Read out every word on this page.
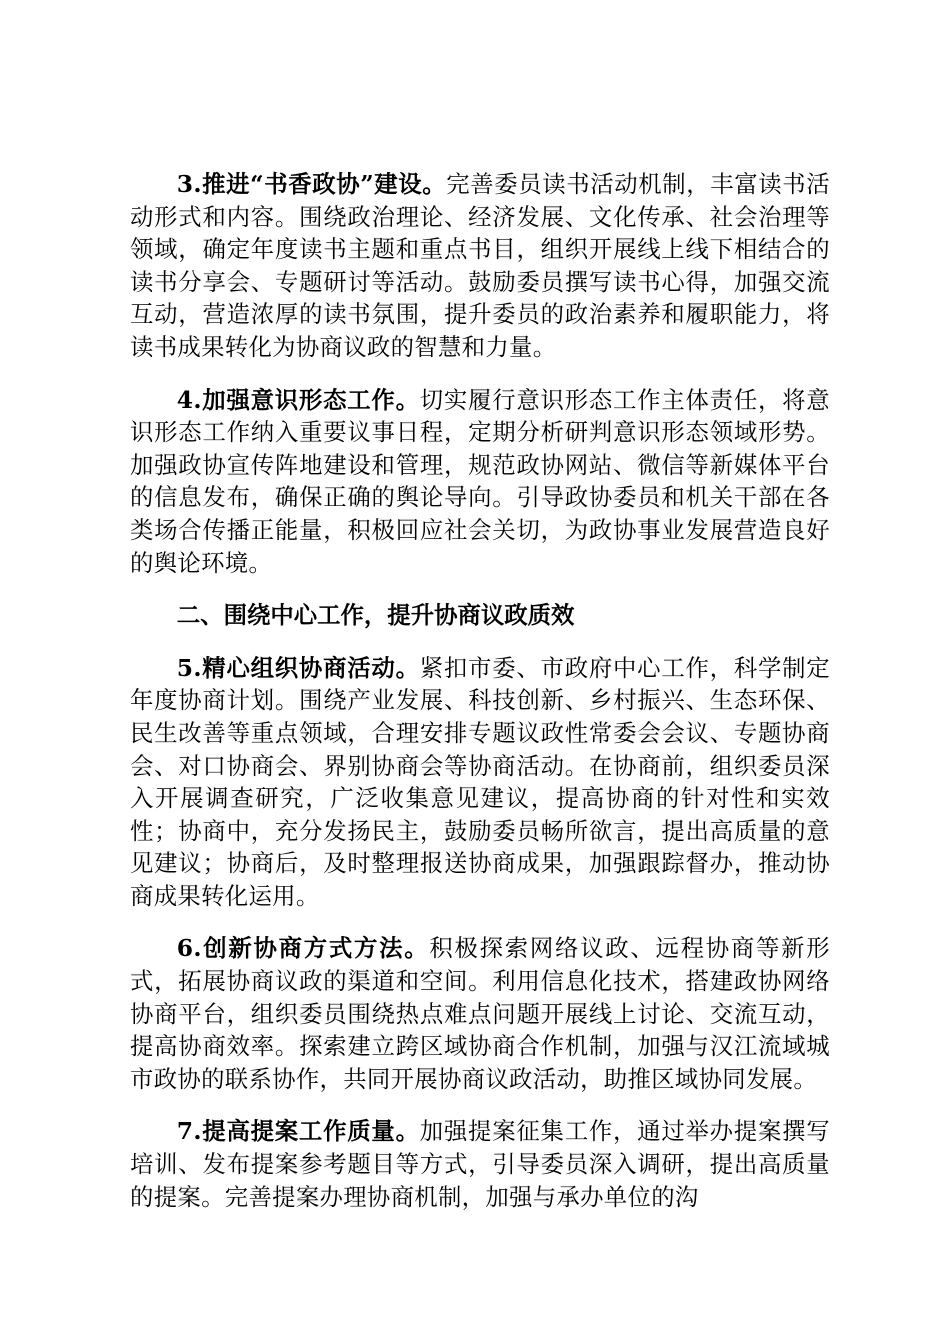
3.推进“书香政协”建设。完善委员读书活动机制，丰富读书活动形式和内容。围绕政治理论、经济发展、文化传承、社会治理等领域，确定年度读书主题和重点书目，组织开展线上线下相结合的读书分享会、专题研讨等活动。鼓励委员撰写读书心得，加强交流互动，营造浓厚的读书氛围，提升委员的政治素养和履职能力，将读书成果转化为协商议政的智慧和力量。

4.加强意识形态工作。切实履行意识形态工作主体责任，将意识形态工作纳入重要议事日程，定期分析研判意识形态领域形势。加强政协宣传阵地建设和管理，规范政协网站、微信等新媒体平台的信息发布，确保正确的舆论导向。引导政协委员和机关干部在各类场合传播正能量，积极回应社会关切，为政协事业发展营造良好的舆论环境。

二、围绕中心工作，提升协商议政质效

5.精心组织协商活动。紧扣市委、市政府中心工作，科学制定年度协商计划。围绕产业发展、科技创新、乡村振兴、生态环保、民生改善等重点领域，合理安排专题议政性常委会会议、专题协商会、对口协商会、界别协商会等协商活动。在协商前，组织委员深入开展调查研究，广泛收集意见建议，提高协商的针对性和实效性；协商中，充分发扬民主，鼓励委员畅所欲言，提出高质量的意见建议；协商后，及时整理报送协商成果，加强跟踪督办，推动协商成果转化运用。

6.创新协商方式方法。积极探索网络议政、远程协商等新形式，拓展协商议政的渠道和空间。利用信息化技术，搭建政协网络协商平台，组织委员围绕热点难点问题开展线上讨论、交流互动，提高协商效率。探索建立跨区域协商合作机制，加强与汉江流域城市政协的联系协作，共同开展协商议政活动，助推区域协同发展。

7.提高提案工作质量。加强提案征集工作，通过举办提案撰写培训、发布提案参考题目等方式，引导委员深入调研，提出高质量的提案。完善提案办理协商机制，加强与承办单位的沟
